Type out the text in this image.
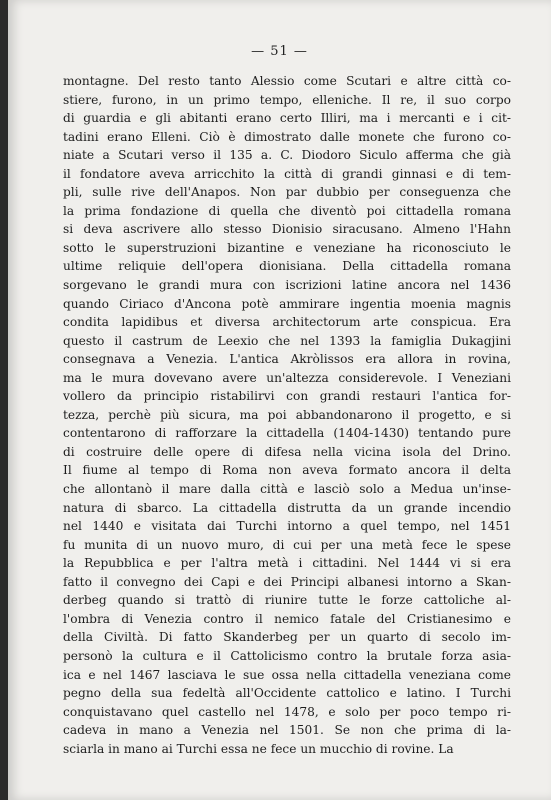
— 51 —
montagne. Del resto tanto Alessio come Scutari e altre città co-
stiere, furono, in un primo tempo, elleniche. Il re, il suo corpo
di guardia e gli abitanti erano certo Illiri, ma i mercanti e i cit-
tadini erano Elleni. Ciò è dimostrato dalle monete che furono co-
niate a Scutari verso il 135 a. C. Diodoro Siculo afferma che già
il fondatore aveva arricchito la città di grandi ginnasi e di tem-
pli, sulle rive dell'Anapos. Non par dubbio per conseguenza che
la prima fondazione di quella che diventò poi cittadella romana
si deva ascrivere allo stesso Dionisio siracusano. Almeno l'Hahn
sotto le superstruzioni bizantine e veneziane ha riconosciuto le
ultime reliquie dell'opera dionisiana. Della cittadella romana
sorgevano le grandi mura con iscrizioni latine ancora nel 1436
quando Ciriaco d'Ancona potè ammirare ingentia moenia magnis
condita lapidibus et diversa architectorum arte conspicua. Era
questo il castrum de Leexio che nel 1393 la famiglia Dukagjini
consegnava a Venezia. L'antica Akròlissos era allora in rovina,
ma le mura dovevano avere un'altezza considerevole. I Veneziani
vollero da principio ristabilirvi con grandi restauri l'antica for-
tezza, perchè più sicura, ma poi abbandonarono il progetto, e si
contentarono di rafforzare la cittadella (1404-1430) tentando pure
di costruire delle opere di difesa nella vicina isola del Drino.
Il fiume al tempo di Roma non aveva formato ancora il delta
che allontanò il mare dalla città e lasciò solo a Medua un'inse-
natura di sbarco. La cittadella distrutta da un grande incendio
nel 1440 e visitata dai Turchi intorno a quel tempo, nel 1451
fu munita di un nuovo muro, di cui per una metà fece le spese
la Repubblica e per l'altra metà i cittadini. Nel 1444 vi si era
fatto il convegno dei Capi e dei Principi albanesi intorno a Skan-
derbeg quando si trattò di riunire tutte le forze cattoliche al-
l'ombra di Venezia contro il nemico fatale del Cristianesimo e
della Civiltà. Di fatto Skanderbeg per un quarto di secolo im-
personò la cultura e il Cattolicismo contro la brutale forza asia-
ica e nel 1467 lasciava le sue ossa nella cittadella veneziana come
pegno della sua fedeltà all'Occidente cattolico e latino. I Turchi
conquistavano quel castello nel 1478, e solo per poco tempo ri-
cadeva in mano a Venezia nel 1501. Se non che prima di la-
sciarla in mano ai Turchi essa ne fece un mucchio di rovine. La
